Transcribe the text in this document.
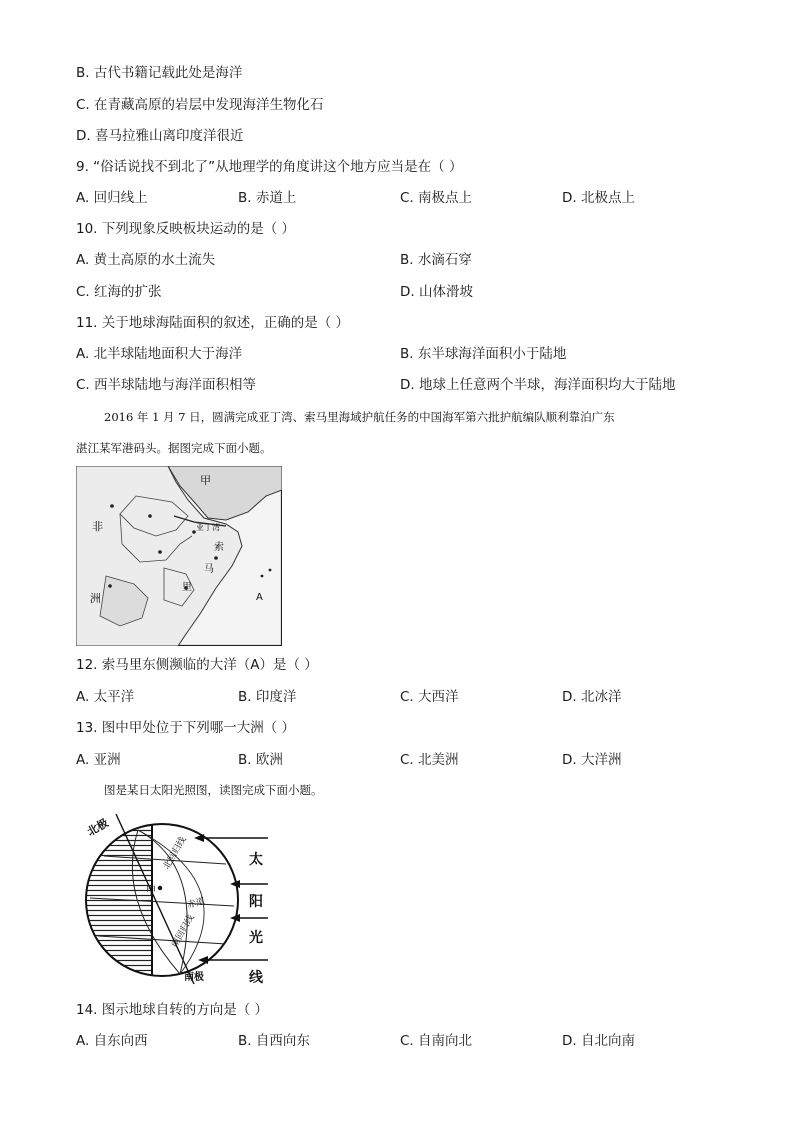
B. 古代书籍记载此处是海洋
C. 在青藏高原的岩层中发现海洋生物化石
D. 喜马拉雅山离印度洋很近
9. “俗话说找不到北了”从地理学的角度讲这个地方应当是在（ ）
A. 回归线上	B. 赤道上	C. 南极点上	D. 北极点上
10. 下列现象反映板块运动的是（ ）
A. 黄土高原的水土流失	B. 水滴石穿
C. 红海的扩张	D. 山体滑坡
11. 关于地球海陆面积的叙述，正确的是（ ）
A. 北半球陆地面积大于海洋	B. 东半球海洋面积小于陆地
C. 西半球陆地与海洋面积相等	D. 地球上任意两个半球，海洋面积均大于陆地
2016 年 1 月 7 日，圆满完成亚丁湾、索马里海域护航任务的中国海军第六批护航编队顺利靠泊广东
湛江某军港码头。据图完成下面小题。
甲
非	亚丁湾
索
马
里
洲	A
12. 索马里东侧濒临的大洋（A）是（ ）
A. 太平洋	B. 印度洋	C. 大西洋	D. 北冰洋
13. 图中甲处位于下列哪一大洲（ ）
A. 亚洲	B. 欧洲	C. 北美洲	D. 大洋洲
图是某日太阳光照图，读图完成下面小题。
北极
南极
北回归线
赤道
南回归线
甲
太
阳
光
线
14. 图示地球自转的方向是（ ）
A. 自东向西	B. 自西向东	C. 自南向北	D. 自北向南
